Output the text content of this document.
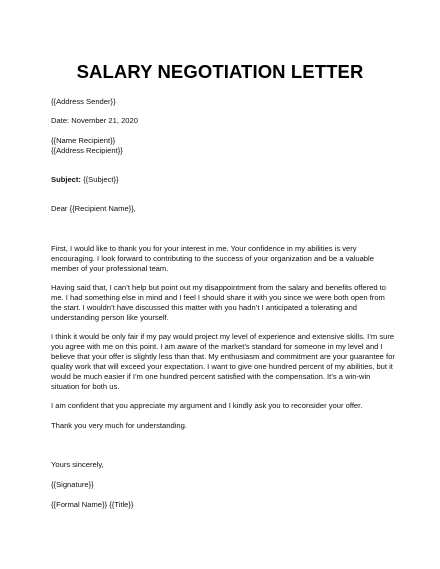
SALARY NEGOTIATION LETTER

{{Address Sender}}

Date: November 21, 2020

{{Name Recipient}}

{{Address Recipient}}

Subject: {{Subject}}

Dear {{Recipient Name}},

First, I would like to thank you for your interest in me. Your confidence in my abilities is very encouraging. I look forward to contributing to the success of your organization and be a valuable member of your professional team.

Having said that, I can’t help but point out my disappointment from the salary and benefits offered to me. I had something else in mind and I feel I should share it with you since we were both open from the start. I wouldn’t have discussed this matter with you hadn’t I anticipated a tolerating and understanding person like yourself.

I think it would be only fair if my pay would project my level of experience and extensive skills. I’m sure you agree with me on this point. I am aware of the market’s standard for someone in my level and I believe that your offer is slightly less than that. My enthusiasm and commitment are your guarantee for quality work that will exceed your expectation. I want to give one hundred percent of my abilities, but it would be much easier if I’m one hundred percent satisfied with the compensation. It’s a win-win situation for both us.

I am confident that you appreciate my argument and I kindly ask you to reconsider your offer.

Thank you very much for understanding.

Yours sincerely,

{{Signature}}

{{Formal Name}} {{Title}}
